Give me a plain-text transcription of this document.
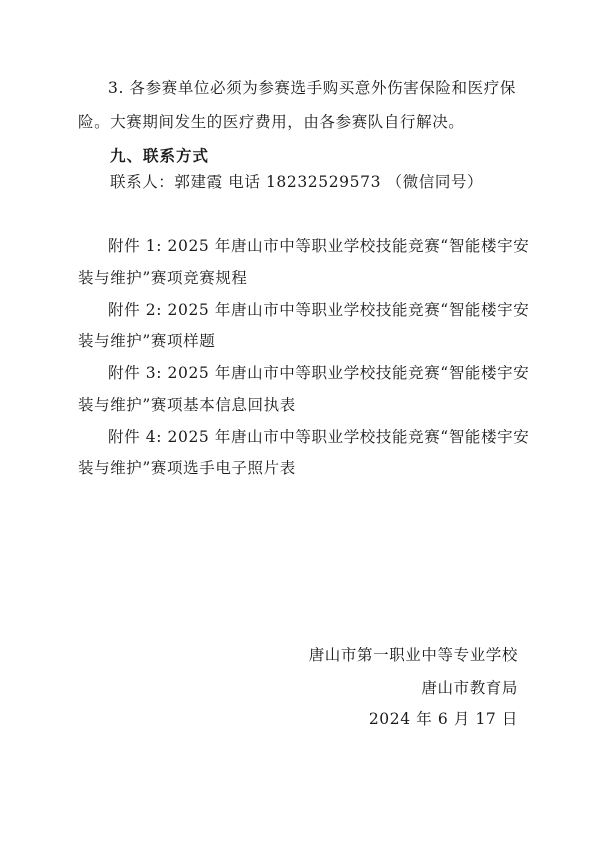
3. 各参赛单位必须为参赛选手购买意外伤害保险和医疗保
险。大赛期间发生的医疗费用，由各参赛队自行解决。
九、联系方式
联系人：郭建霞 电话 18232529573 （微信同号）
附件 1: 2025 年唐山市中等职业学校技能竞赛“智能楼宇安
装与维护”赛项竞赛规程
附件 2: 2025 年唐山市中等职业学校技能竞赛“智能楼宇安
装与维护”赛项样题
附件 3: 2025 年唐山市中等职业学校技能竞赛“智能楼宇安
装与维护”赛项基本信息回执表
附件 4: 2025 年唐山市中等职业学校技能竞赛“智能楼宇安
装与维护”赛项选手电子照片表
唐山市第一职业中等专业学校
唐山市教育局
2024 年 6 月 17 日
